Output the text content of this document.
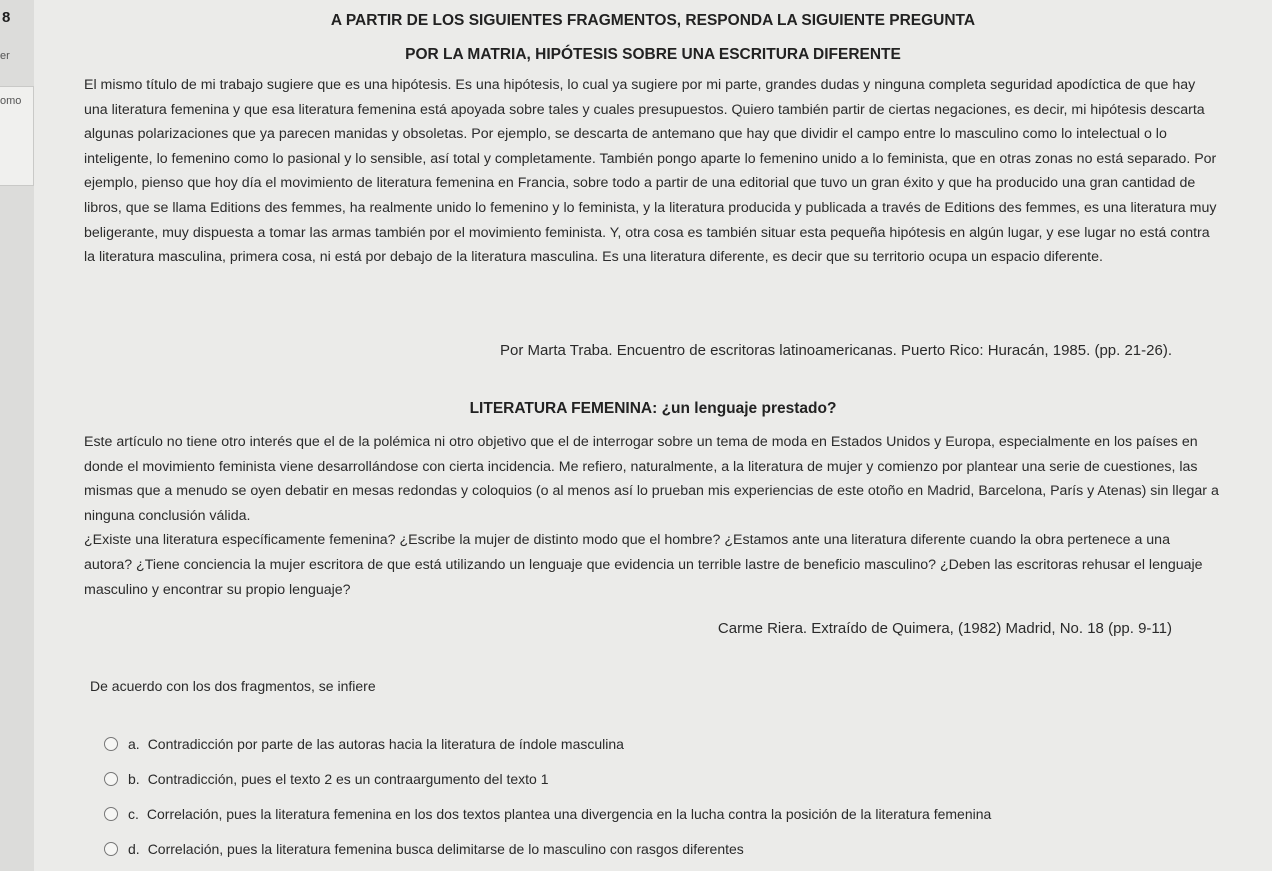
8
er
omo
A PARTIR DE LOS SIGUIENTES FRAGMENTOS, RESPONDA LA SIGUIENTE PREGUNTA
POR LA MATRIA, HIPÓTESIS SOBRE UNA ESCRITURA DIFERENTE

El mismo título de mi trabajo sugiere que es una hipótesis. Es una hipótesis, lo cual ya sugiere por mi parte, grandes dudas y ninguna completa seguridad apodíctica de que hay una literatura femenina y que esa literatura femenina está apoyada sobre tales y cuales presupuestos. Quiero también partir de ciertas negaciones, es decir, mi hipótesis descarta algunas polarizaciones que ya parecen manidas y obsoletas. Por ejemplo, se descarta de antemano que hay que dividir el campo entre lo masculino como lo intelectual o lo inteligente, lo femenino como lo pasional y lo sensible, así total y completamente. También pongo aparte lo femenino unido a lo feminista, que en otras zonas no está separado. Por ejemplo, pienso que hoy día el movimiento de literatura femenina en Francia, sobre todo a partir de una editorial que tuvo un gran éxito y que ha producido una gran cantidad de libros, que se llama Editions des femmes, ha realmente unido lo femenino y lo feminista, y la literatura producida y publicada a través de Editions des femmes, es una literatura muy beligerante, muy dispuesta a tomar las armas también por el movimiento feminista. Y, otra cosa es también situar esta pequeña hipótesis en algún lugar, y ese lugar no está contra la literatura masculina, primera cosa, ni está por debajo de la literatura masculina. Es una literatura diferente, es decir que su territorio ocupa un espacio diferente.

Por Marta Traba. Encuentro de escritoras latinoamericanas. Puerto Rico: Huracán, 1985. (pp. 21-26).
LITERATURA FEMENINA: ¿un lenguaje prestado?

Este artículo no tiene otro interés que el de la polémica ni otro objetivo que el de interrogar sobre un tema de moda en Estados Unidos y Europa, especialmente en los países en donde el movimiento feminista viene desarrollándose con cierta incidencia. Me refiero, naturalmente, a la literatura de mujer y comienzo por plantear una serie de cuestiones, las mismas que a menudo se oyen debatir en mesas redondas y coloquios (o al menos así lo prueban mis experiencias de este otoño en Madrid, Barcelona, París y Atenas) sin llegar a ninguna conclusión válida.

¿Existe una literatura específicamente femenina? ¿Escribe la mujer de distinto modo que el hombre? ¿Estamos ante una literatura diferente cuando la obra pertenece a una autora? ¿Tiene conciencia la mujer escritora de que está utilizando un lenguaje que evidencia un terrible lastre de beneficio masculino? ¿Deben las escritoras rehusar el lenguaje masculino y encontrar su propio lenguaje?

Carme Riera. Extraído de Quimera, (1982) Madrid, No. 18 (pp. 9-11)
De acuerdo con los dos fragmentos, se infiere
a. Contradicción por parte de las autoras hacia la literatura de índole masculina
b. Contradicción, pues el texto 2 es un contraargumento del texto 1
c. Correlación, pues la literatura femenina en los dos textos plantea una divergencia en la lucha contra la posición de la literatura femenina
d. Correlación, pues la literatura femenina busca delimitarse de lo masculino con rasgos diferentes
